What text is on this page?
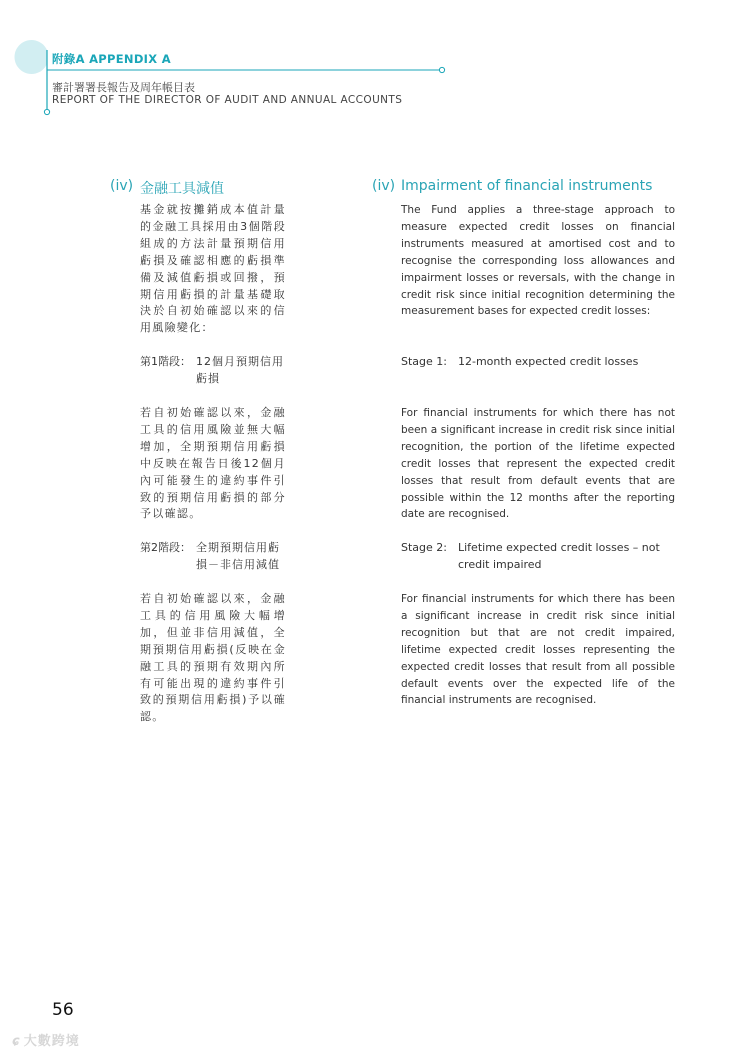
附錄A APPENDIX A
審計署署長報告及周年帳目表
REPORT OF THE DIRECTOR OF AUDIT AND ANNUAL ACCOUNTS
(iv) 金融工具減值

基金就按攤銷成本值計量的金融工具採用由3個階段組成的方法計量預期信用虧損及確認相應的虧損準備及減值虧損或回撥，預期信用虧損的計量基礎取決於自初始確認以來的信用風險變化：

第1階段： 12個月預期信用虧損

若自初始確認以來，金融工具的信用風險並無大幅增加，全期預期信用虧損中反映在報告日後12個月內可能發生的違約事件引致的預期信用虧損的部分予以確認。

第2階段： 全期預期信用虧損－非信用減值

若自初始確認以來，金融工具的信用風險大幅增加，但並非信用減值，全期預期信用虧損(反映在金融工具的預期有效期內所有可能出現的違約事件引致的預期信用虧損)予以確認。

(iv) Impairment of financial instruments

The Fund applies a three-stage approach to measure expected credit losses on financial instruments measured at amortised cost and to recognise the corresponding loss allowances and impairment losses or reversals, with the change in credit risk since initial recognition determining the measurement bases for expected credit losses:

Stage 1: 12-month expected credit losses

For financial instruments for which there has not been a significant increase in credit risk since initial recognition, the portion of the lifetime expected credit losses that represent the expected credit losses that result from default events that are possible within the 12 months after the reporting date are recognised.

Stage 2: Lifetime expected credit losses – not credit impaired

For financial instruments for which there has been a significant increase in credit risk since initial recognition but that are not credit impaired, lifetime expected credit losses representing the expected credit losses that result from all possible default events over the expected life of the financial instruments are recognised.

56
ɕ 大數跨境
